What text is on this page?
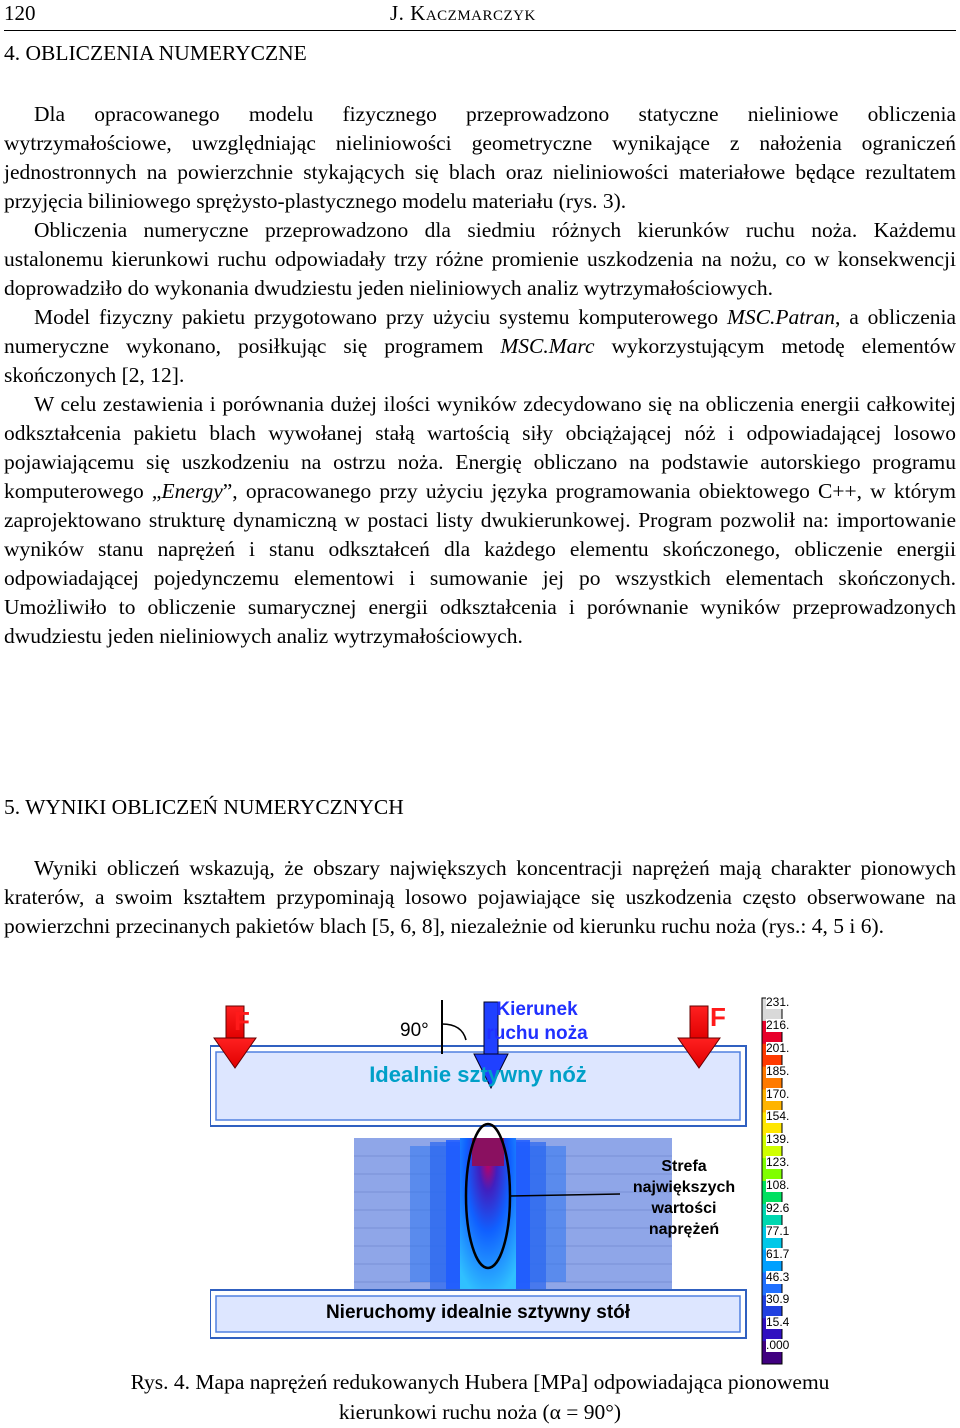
120	J. Kaczmarczyk
4. OBLICZENIA NUMERYCZNE

Dla opracowanego modelu fizycznego przeprowadzono statyczne nieliniowe obliczenia wytrzymałościowe, uwzględniając nieliniowości geometryczne wynikające z nałożenia ograniczeń jednostronnych na powierzchnie stykających się blach oraz nieliniowości materiałowe będące rezultatem przyjęcia biliniowego sprężysto-plastycznego modelu materiału (rys. 3).

Obliczenia numeryczne przeprowadzono dla siedmiu różnych kierunków ruchu noża. Każdemu ustalonemu kierunkowi ruchu odpowiadały trzy różne promienie uszkodzenia na nożu, co w konsekwencji doprowadziło do wykonania dwudziestu jeden nieliniowych analiz wytrzymałościowych.

Model fizyczny pakietu przygotowano przy użyciu systemu komputerowego MSC.Patran, a obliczenia numeryczne wykonano, posiłkując się programem MSC.Marc wykorzystującym metodę elementów skończonych [2, 12].

W celu zestawienia i porównania dużej ilości wyników zdecydowano się na obliczenia energii całkowitej odkształcenia pakietu blach wywołanej stałą wartością siły obciążającej nóż i odpowiadającej losowo pojawiającemu się uszkodzeniu na ostrzu noża. Energię obliczano na podstawie autorskiego programu komputerowego „Energy”, opracowanego przy użyciu języka programowania obiektowego C++, w którym zaprojektowano strukturę dynamiczną w postaci listy dwukierunkowej. Program pozwolił na: importowanie wyników stanu naprężeń i stanu odkształceń dla każdego elementu skończonego, obliczenie energii odpowiadającej pojedynczemu elementowi i sumowanie jej po wszystkich elementach skończonych. Umożliwiło to obliczenie sumarycznej energii odkształcenia i porównanie wyników przeprowadzonych dwudziestu jeden nieliniowych analiz wytrzymałościowych.

5. WYNIKI OBLICZEŃ NUMERYCZNYCH

Wyniki obliczeń wskazują, że obszary największych koncentracji naprężeń mają charakter pionowych kraterów, a swoim kształtem przypominają losowo pojawiające się uszkodzenia często obserwowane na powierzchni przecinanych pakietów blach [5, 6, 8], niezależnie od kierunku ruchu noża (rys.: 4, 5 i 6).

F	F
90°
Kierunek
ruchu noża
Idealnie sztywny nóż
Strefa
największych
wartości
naprężeń
Nieruchomy idealnie sztywny stół
231.
216.
201.
185.
170.
154.
139.
123.
108.
92.6
77.1
61.7
46.3
30.9
15.4
.000
Rys. 4. Mapa naprężeń redukowanych Hubera [MPa] odpowiadająca pionowemu
kierunkowi ruchu noża (α = 90°)
